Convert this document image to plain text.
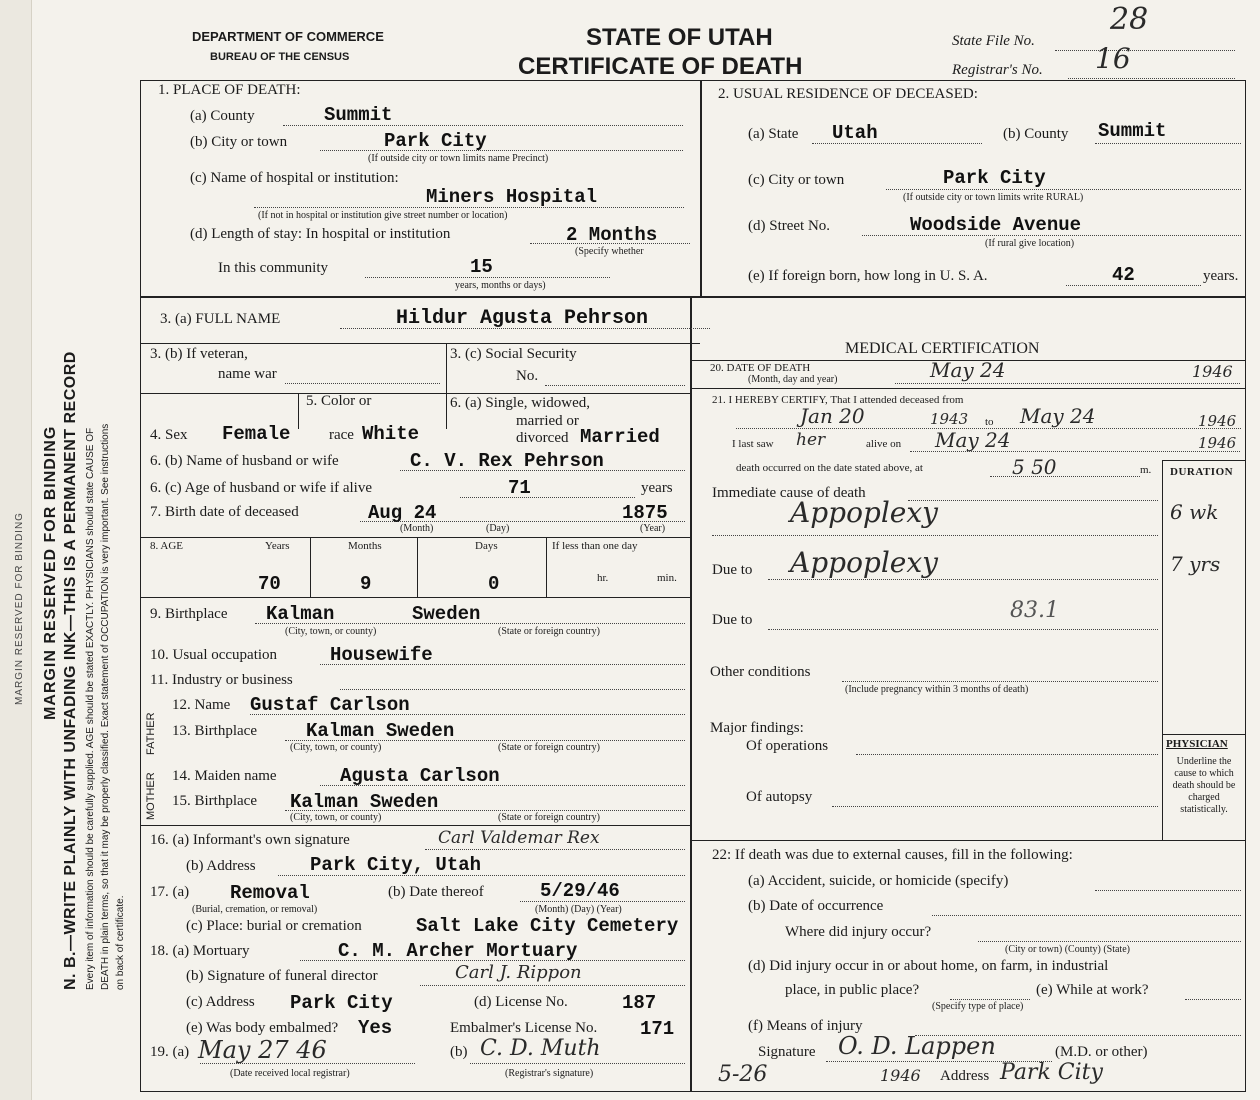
MARGIN RESERVED FOR BINDING MARGIN RESERVED FOR BINDING N. B.—WRITE PLAINLY WITH UNFADING INK—THIS IS A PERMANENT RECORD Every item of information should be carefully supplied. AGE should be stated EXACTLY. PHYSICIANS should state CAUSE OF DEATH in plain terms, so that it may be properly classified. Exact statement of OCCUPATION is very important. See instructions on back of certificate.
DEPARTMENT OF COMMERCE
BUREAU OF THE CENSUS
STATE OF UTAH
CERTIFICATE OF DEATH
State File No.
28
Registrar's No. 16
1. PLACE OF DEATH:
(a) County	Summit
(b) City or town	Park City
(If outside city or town limits name Precinct)
(c) Name of hospital or institution:
Miners Hospital
(If not in hospital or institution give street number or location)
(d) Length of stay: In hospital or institution	2 Months
(Specify whether
In this community	15
years, months or days)
2. USUAL RESIDENCE OF DECEASED:
(a) State Utah	(b) County Summit
(c) City or town	Park City
(If outside city or town limits write RURAL)
(d) Street No.	Woodside Avenue
(If rural give location)
(e) If foreign born, how long in U. S. A.	42	years.
3. (a) FULL NAME	Hildur Agusta Pehrson
3. (b) If veteran,
name war
3. (c) Social Security
No.
5. Color or
4. Sex Female	race White
6. (a) Single, widowed,
married or
divorced Married
6. (b) Name of husband or wife	C. V. Rex Pehrson
6. (c) Age of husband or wife if alive	71	years
7. Birth date of deceased	Aug 24	1875
(Month)	(Day)	(Year)
8. AGE	Years	Months	Days	If less than one day
hr.	min.
70	9	0
9. Birthplace Kalman	Sweden
(City, town, or county)	(State or foreign country)
10. Usual occupation	Housewife
11. Industry or business
FATHER
MOTHER
12. Name Gustaf Carlson
13. Birthplace	Kalman Sweden
(City, town, or county)	(State or foreign country)
14. Maiden name	Agusta Carlson
15. Birthplace Kalman Sweden
(City, town, or county)	(State or foreign country)
16. (a) Informant's own signature	Carl Valdemar Rex
(b) Address	Park City, Utah
17. (a) Removal
(Burial, cremation, or removal)
(b) Date thereof	5/29/46
(Month) (Day) (Year)
(c) Place: burial or cremation	Salt Lake City Cemetery
18. (a) Mortuary	C. M. Archer Mortuary
(b) Signature of funeral director	Carl J. Rippon
(c) Address Park City	(d) License No.	187
(e) Was body embalmed? Yes	Embalmer's License No. 171
19. (a) May 27 46
(Date received local registrar)
(b) C. D. Muth
(Registrar's signature)
MEDICAL CERTIFICATION
20. DATE OF DEATH
(Month, day and year)	May 24	1946
21. I HEREBY CERTIFY, That I attended deceased from
Jan 20	1943 to May 24	1946
I last saw her	alive on May 24	1946
death occurred on the date stated above, at	5 50	m. DURATION
Immediate cause of death
Appoplexy	6 wk
Due to Appoplexy	7 yrs
Due to	83.1
Other conditions
(Include pregnancy within 3 months of death)
Major findings:
Of operations
Of autopsy
PHYSICIAN
Underline the cause to which death should be charged statistically.
22: If death was due to external causes, fill in the following:
(a) Accident, suicide, or homicide (specify)
(b) Date of occurrence
Where did injury occur?
(City or town) (County) (State)
(d) Did injury occur in or about home, on farm, in industrial
place, in public place?
(Specify type of place)
(e) While at work?
(f) Means of injury
Signature O. D. Lappen	(M.D. or other)
5-26	1946 Address Park City
